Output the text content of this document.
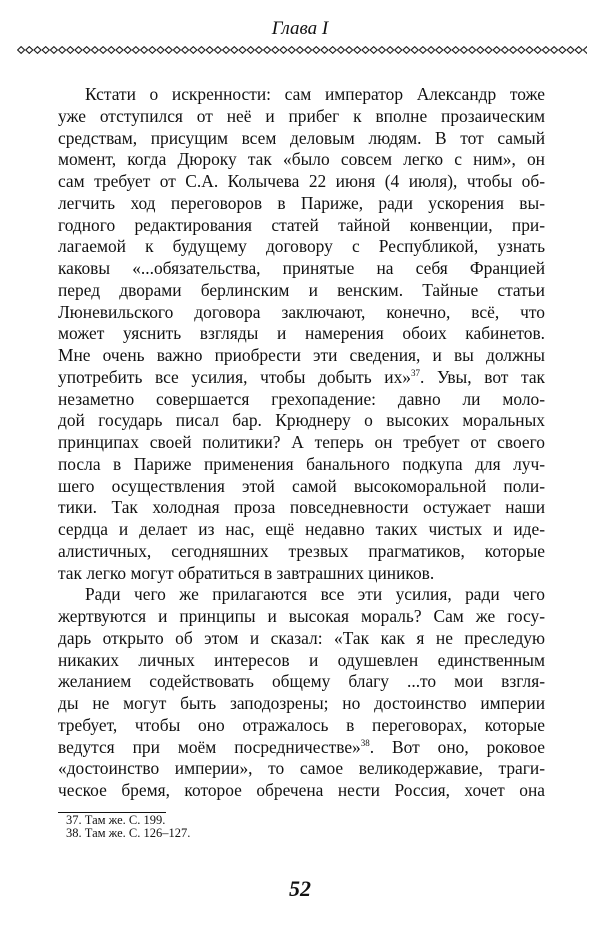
Глава I
Кстати о искренности: сам император Александр тоже
уже отступился от неё и прибег к вполне прозаическим
средствам, присущим всем деловым людям. В тот самый
момент, когда Дюроку так «было совсем легко с ним», он
сам требует от С.А. Колычева 22 июня (4 июля), чтобы об-
легчить ход переговоров в Париже, ради ускорения вы-
годного редактирования статей тайной конвенции, при-
лагаемой к будущему договору с Республикой, узнать
каковы «...обязательства, принятые на себя Францией
перед дворами берлинским и венским. Тайные статьи
Люневильского договора заключают, конечно, всё, что
может уяснить взгляды и намерения обоих кабинетов.
Мне очень важно приобрести эти сведения, и вы должны
употребить все усилия, чтобы добыть их»$^{37}$. Увы, вот так
незаметно совершается грехопадение: давно ли моло-
дой государь писал бар. Крюднеру о высоких моральных
принципах своей политики? А теперь он требует от своего
посла в Париже применения банального подкупа для луч-
шего осуществления этой самой высокоморальной поли-
тики. Так холодная проза повседневности остужает наши
сердца и делает из нас, ещё недавно таких чистых и иде-
алистичных, сегодняшних трезвых прагматиков, которые
так легко могут обратиться в завтрашних циников.
Ради чего же прилагаются все эти усилия, ради чего
жертвуются и принципы и высокая мораль? Сам же госу-
дарь открыто об этом и сказал: «Так как я не преследую
никаких личных интересов и одушевлен единственным
желанием содействовать общему благу ...то мои взгля-
ды не могут быть заподозрены; но достоинство империи
требует, чтобы оно отражалось в переговорах, которые
ведутся при моём посредничестве»$^{38}$. Вот оно, роковое
«достоинство империи», то самое великодержавие, траги-
ческое бремя, которое обречена нести Россия, хочет она
37. Там же. С. 199.
38. Там же. С. 126–127.
52
